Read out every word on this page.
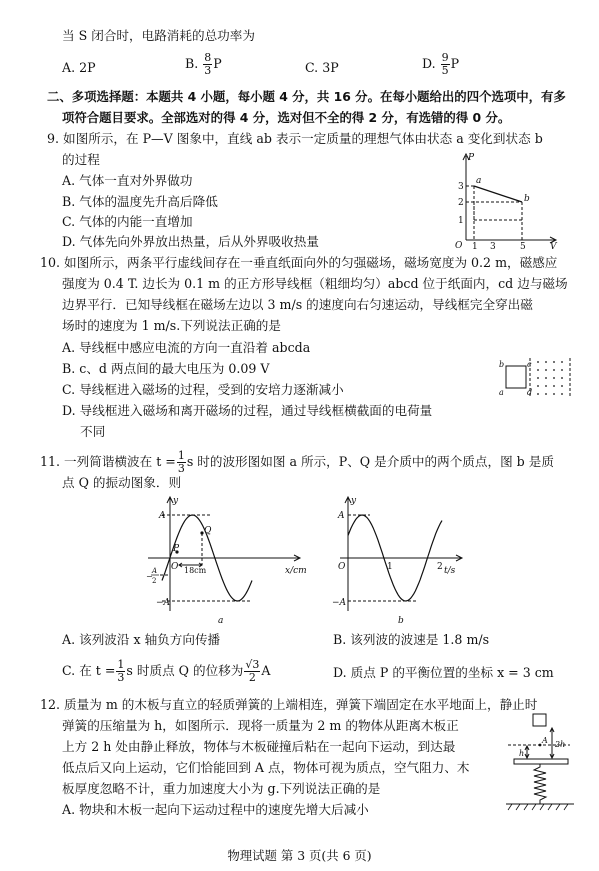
当 S 闭合时，电路消耗的总功率为
A. 2P	B. $\frac{8}{3}$ P	C. 3P	D. $\frac{9}{5}$ P
二、多项选择题：本题共 4 小题，每小题 4 分，共 16 分。在每小题给出的四个选项中，有多
项符合题目要求。全部选对的得 4 分，选对但不全的得 2 分，有选错的得 0 分。
9. 如图所示，在 P—V 图象中，直线 ab 表示一定质量的理想气体由状态 a 变化到状态 b
的过程
A. 气体一直对外界做功
B. 气体的温度先升高后降低
C. 气体的内能一直增加
D. 气体先向外界放出热量，后从外界吸收热量
P
V
O
3
2
1
1 3	5
a
b
10. 如图所示，两条平行虚线间存在一垂直纸面向外的匀强磁场，磁场宽度为 0.2 m，磁感应
强度为 0.4 T. 边长为 0.1 m 的正方形导线框（粗细均匀）abcd 位于纸面内，cd 边与磁场
边界平行．已知导线框在磁场左边以 3 m/s 的速度向右匀速运动，导线框完全穿出磁
场时的速度为 1 m/s.下列说法正确的是
A. 导线框中感应电流的方向一直沿着 abcda
B. c、d 两点间的最大电压为 0.09 V
C. 导线框进入磁场的过程，受到的安培力逐渐减小
D. 导线框进入磁场和离开磁场的过程，通过导线框横截面的电荷量
不同
b	c
a	d
11. 一列简谐横波在 $t = \frac{1}{3}$ s 时的波形图如图 a 所示，P、Q 是介质中的两个质点，图 b 是质
点 Q 的振动图象．则
y
x/cm
A
−A
O
P
Q
18cm
−
A
2
a
y
t/s
A
−A
O	1	2
b
A. 该列波沿 x 轴负方向传播	B. 该列波的波速是 1.8 m/s
C. 在 $t = \frac{1}{3}$ s 时质点 Q 的位移为 $\frac{√3}{2}$ A	D. 质点 P 的平衡位置的坐标 x = 3 cm
12. 质量为 m 的木板与直立的轻质弹簧的上端相连，弹簧下端固定在水平地面上，静止时
弹簧的压缩量为 h，如图所示．现将一质量为 2 m 的物体从距离木板正
上方 2 h 处由静止释放，物体与木板碰撞后粘在一起向下运动，到达最
低点后又向上运动，它们恰能回到 A 点，物体可视为质点，空气阻力、木
板厚度忽略不计，重力加速度大小为 g.下列说法正确的是
A. 物块和木板一起向下运动过程中的速度先增大后减小
A 2h
h
物理试题 第 3 页(共 6 页)
